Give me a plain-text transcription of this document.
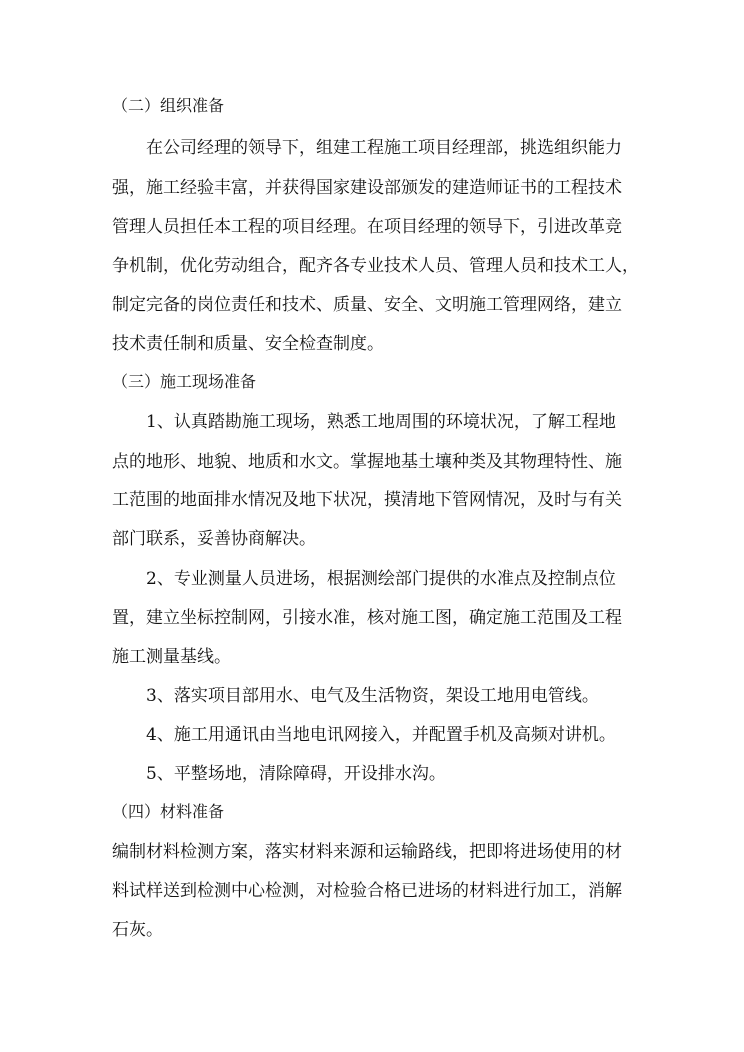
（二）组织准备

在公司经理的领导下，组建工程施工项目经理部，挑选组织能力

强，施工经验丰富，并获得国家建设部颁发的建造师证书的工程技术

管理人员担任本工程的项目经理。在项目经理的领导下，引进改革竞

争机制，优化劳动组合，配齐各专业技术人员、管理人员和技术工人，

制定完备的岗位责任和技术、质量、安全、文明施工管理网络，建立

技术责任制和质量、安全检查制度。

（三）施工现场准备

1、认真踏勘施工现场，熟悉工地周围的环境状况，了解工程地

点的地形、地貌、地质和水文。掌握地基土壤种类及其物理特性、施

工范围的地面排水情况及地下状况，摸清地下管网情况，及时与有关

部门联系，妥善协商解决。

2、专业测量人员进场，根据测绘部门提供的水准点及控制点位

置，建立坐标控制网，引接水准，核对施工图，确定施工范围及工程

施工测量基线。

3、落实项目部用水、电气及生活物资，架设工地用电管线。

4、施工用通讯由当地电讯网接入，并配置手机及高频对讲机。

5、平整场地，清除障碍，开设排水沟。

（四）材料准备

编制材料检测方案，落实材料来源和运输路线，把即将进场使用的材

料试样送到检测中心检测，对检验合格已进场的材料进行加工，消解

石灰。
